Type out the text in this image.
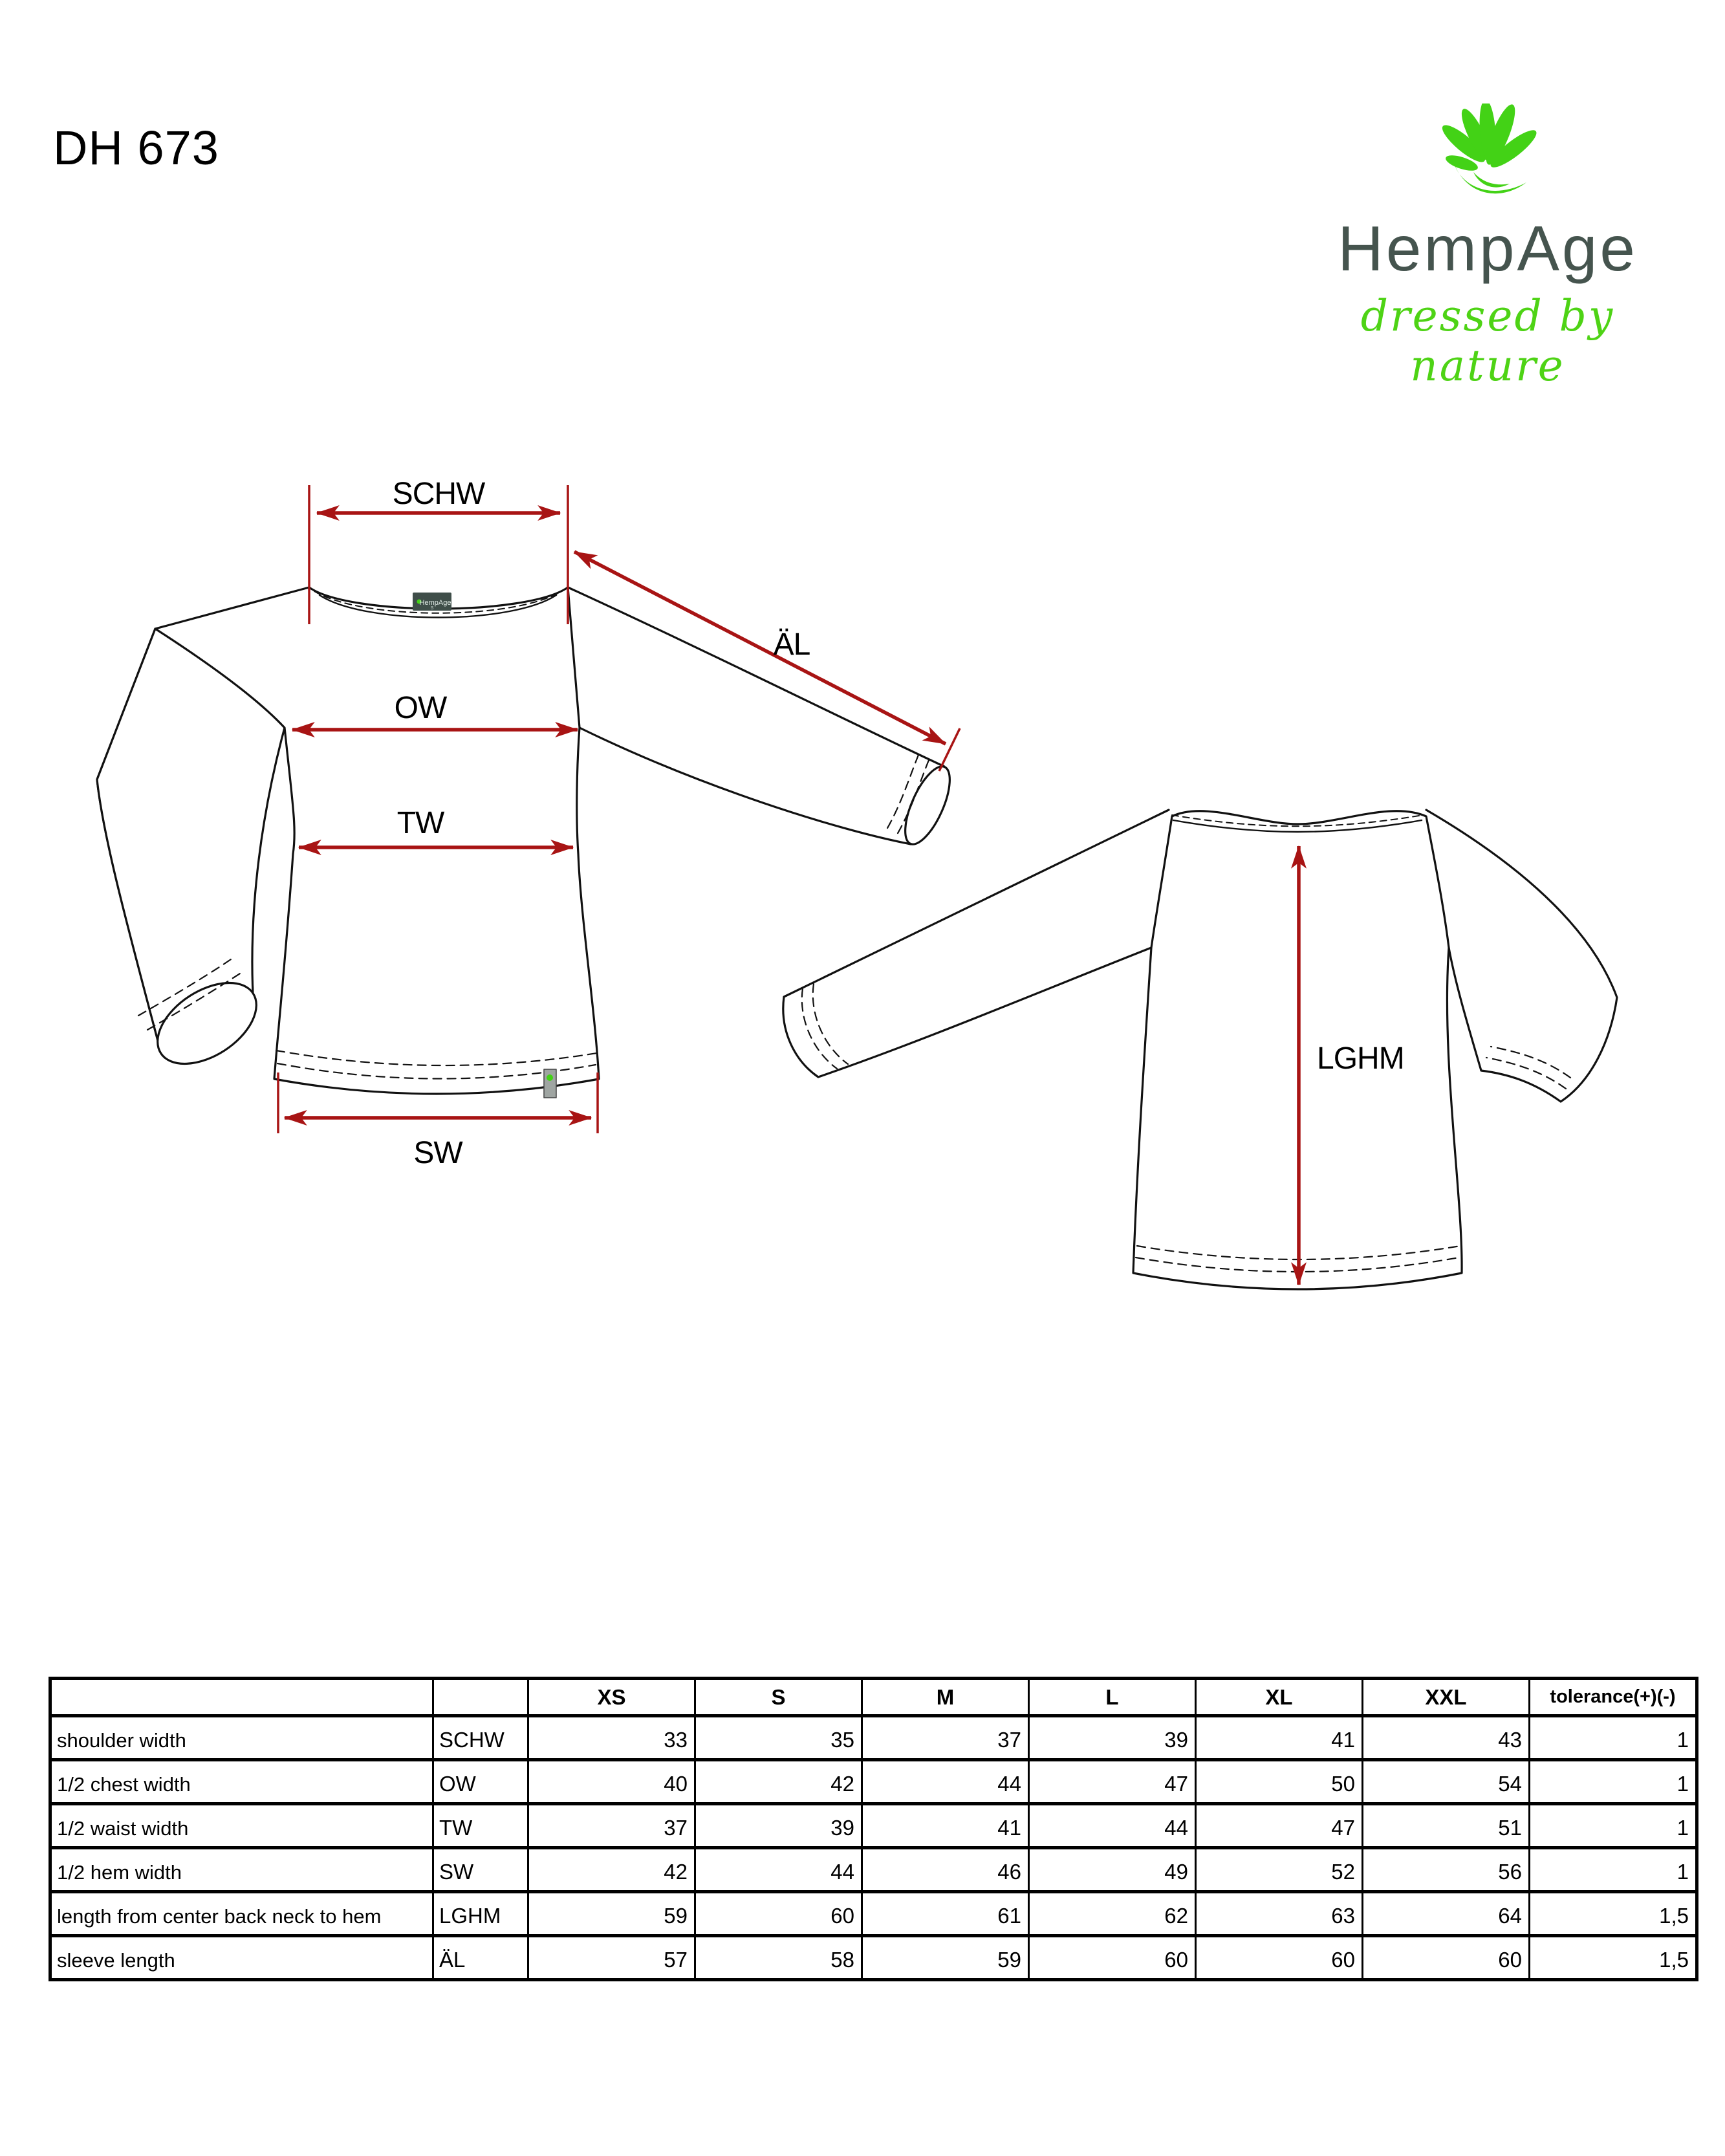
DH 673
HempAge
dressed by nature
HempAge
S
SCHW
ÄL
OW
TW
SW
LGHM
		XS	S	M	L	XL	XXL	tolerance(+)(-)
shoulder width	SCHW	33	35	37	39	41	43	1
1/2 chest width	OW	40	42	44	47	50	54	1
1/2 waist width	TW	37	39	41	44	47	51	1
1/2 hem width	SW	42	44	46	49	52	56	1
length from center back neck to hem	LGHM	59	60	61	62	63	64	1,5
sleeve length	ÄL	57	58	59	60	60	60	1,5
